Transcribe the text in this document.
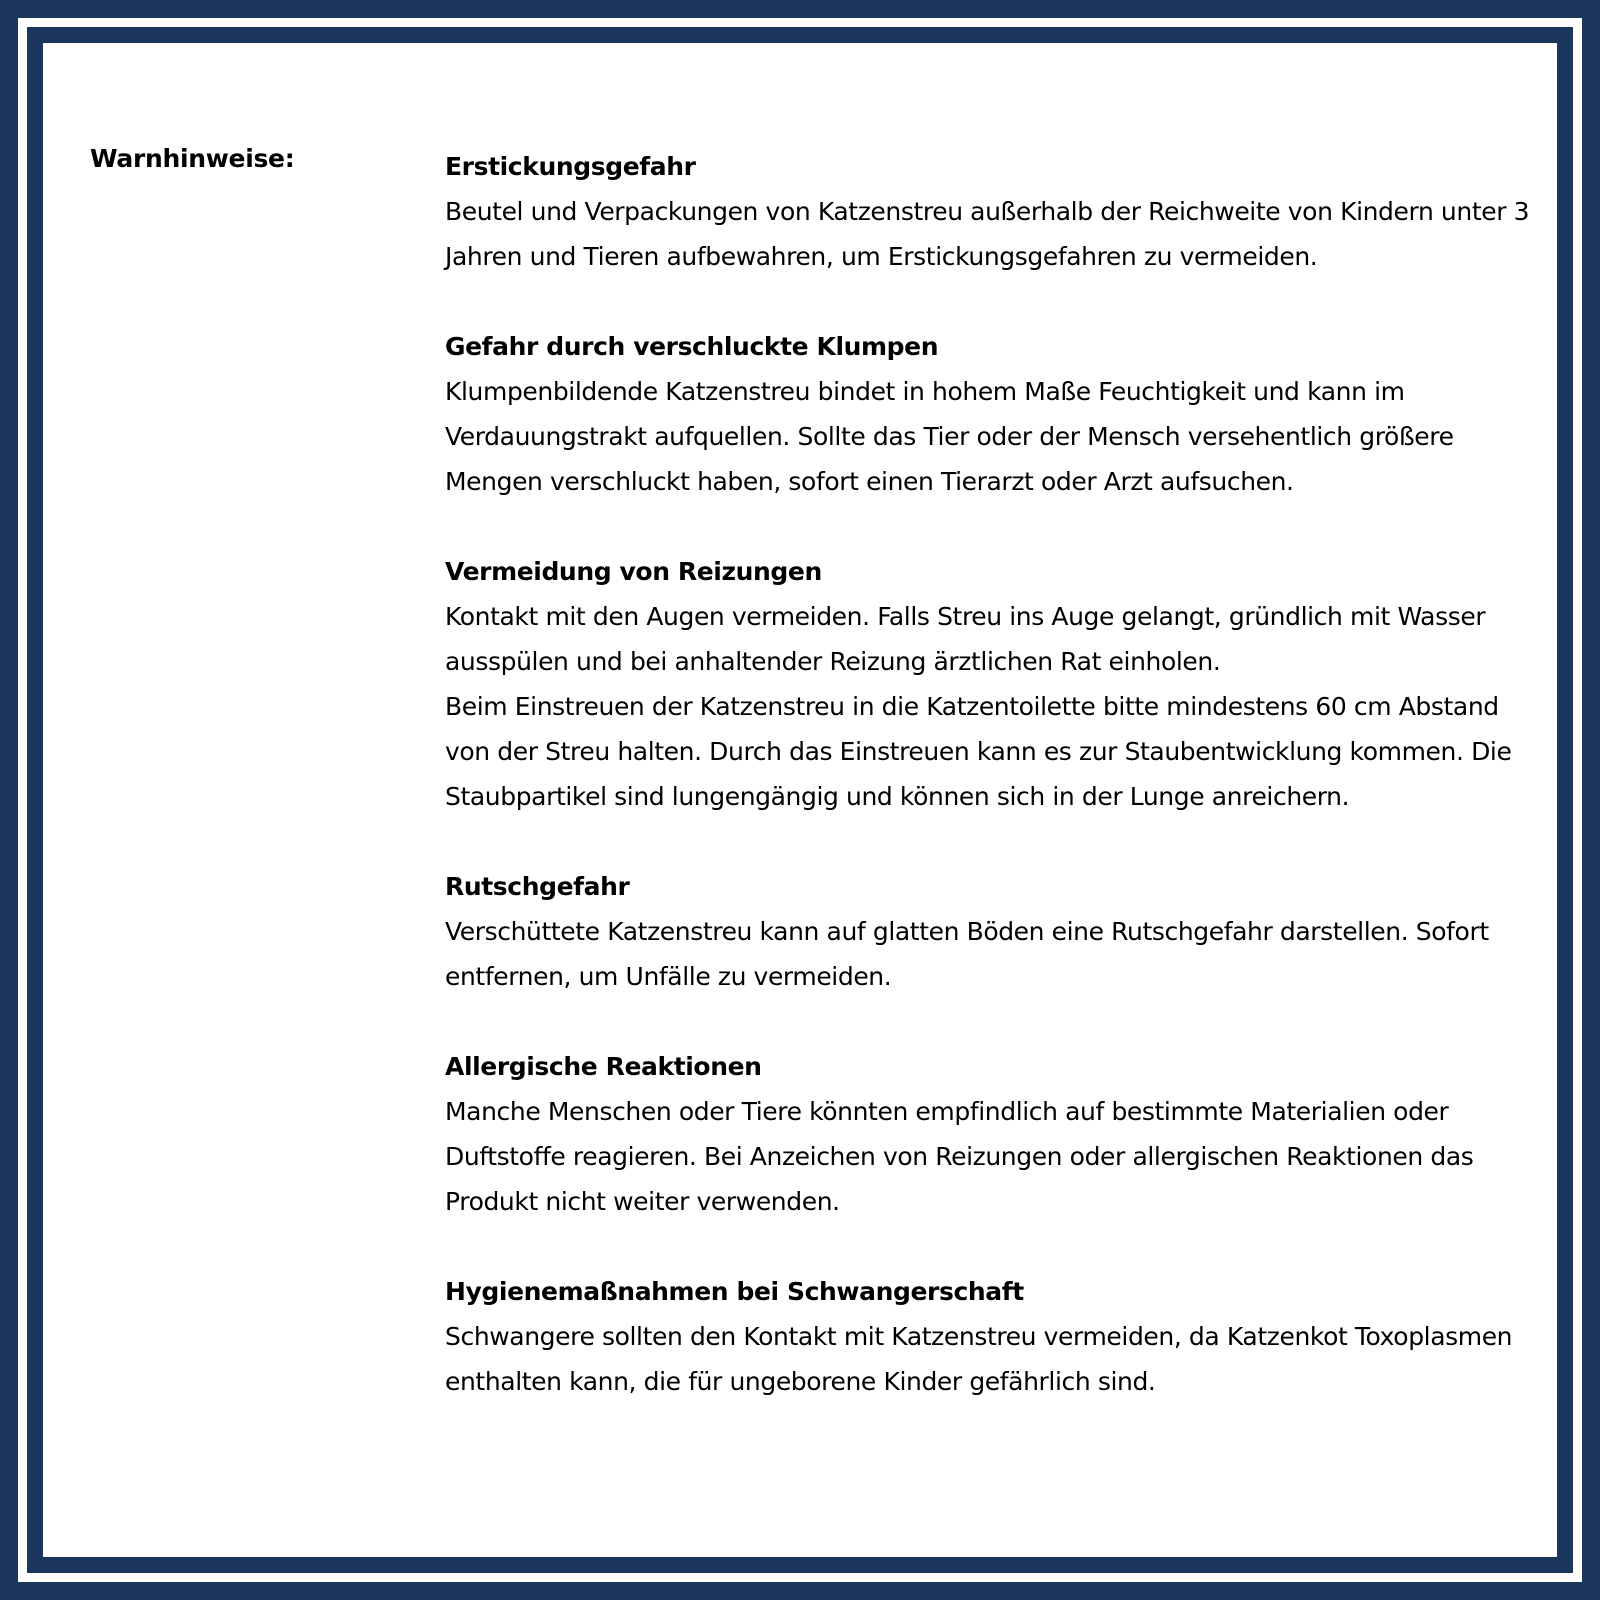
Warnhinweise:	Erstickungsgefahr

Beutel und Verpackungen von Katzenstreu außerhalb der Reichweite von Kindern unter 3 Jahren und Tieren aufbewahren, um Erstickungsgefahren zu vermeiden.

Gefahr durch verschluckte Klumpen

Klumpenbildende Katzenstreu bindet in hohem Maße Feuchtigkeit und kann im Verdauungstrakt aufquellen. Sollte das Tier oder der Mensch versehentlich größere Mengen verschluckt haben, sofort einen Tierarzt oder Arzt aufsuchen.

Vermeidung von Reizungen

Kontakt mit den Augen vermeiden. Falls Streu ins Auge gelangt, gründlich mit Wasser ausspülen und bei anhaltender Reizung ärztlichen Rat einholen.

Beim Einstreuen der Katzenstreu in die Katzentoilette bitte mindestens 60 cm Abstand von der Streu halten. Durch das Einstreuen kann es zur Staubentwicklung kommen. Die Staubpartikel sind lungengängig und können sich in der Lunge anreichern.

Rutschgefahr

Verschüttete Katzenstreu kann auf glatten Böden eine Rutschgefahr darstellen. Sofort entfernen, um Unfälle zu vermeiden.

Allergische Reaktionen

Manche Menschen oder Tiere könnten empfindlich auf bestimmte Materialien oder Duftstoffe reagieren. Bei Anzeichen von Reizungen oder allergischen Reaktionen das Produkt nicht weiter verwenden.

Hygienemaßnahmen bei Schwangerschaft

Schwangere sollten den Kontakt mit Katzenstreu vermeiden, da Katzenkot Toxoplasmen enthalten kann, die für ungeborene Kinder gefährlich sind.
